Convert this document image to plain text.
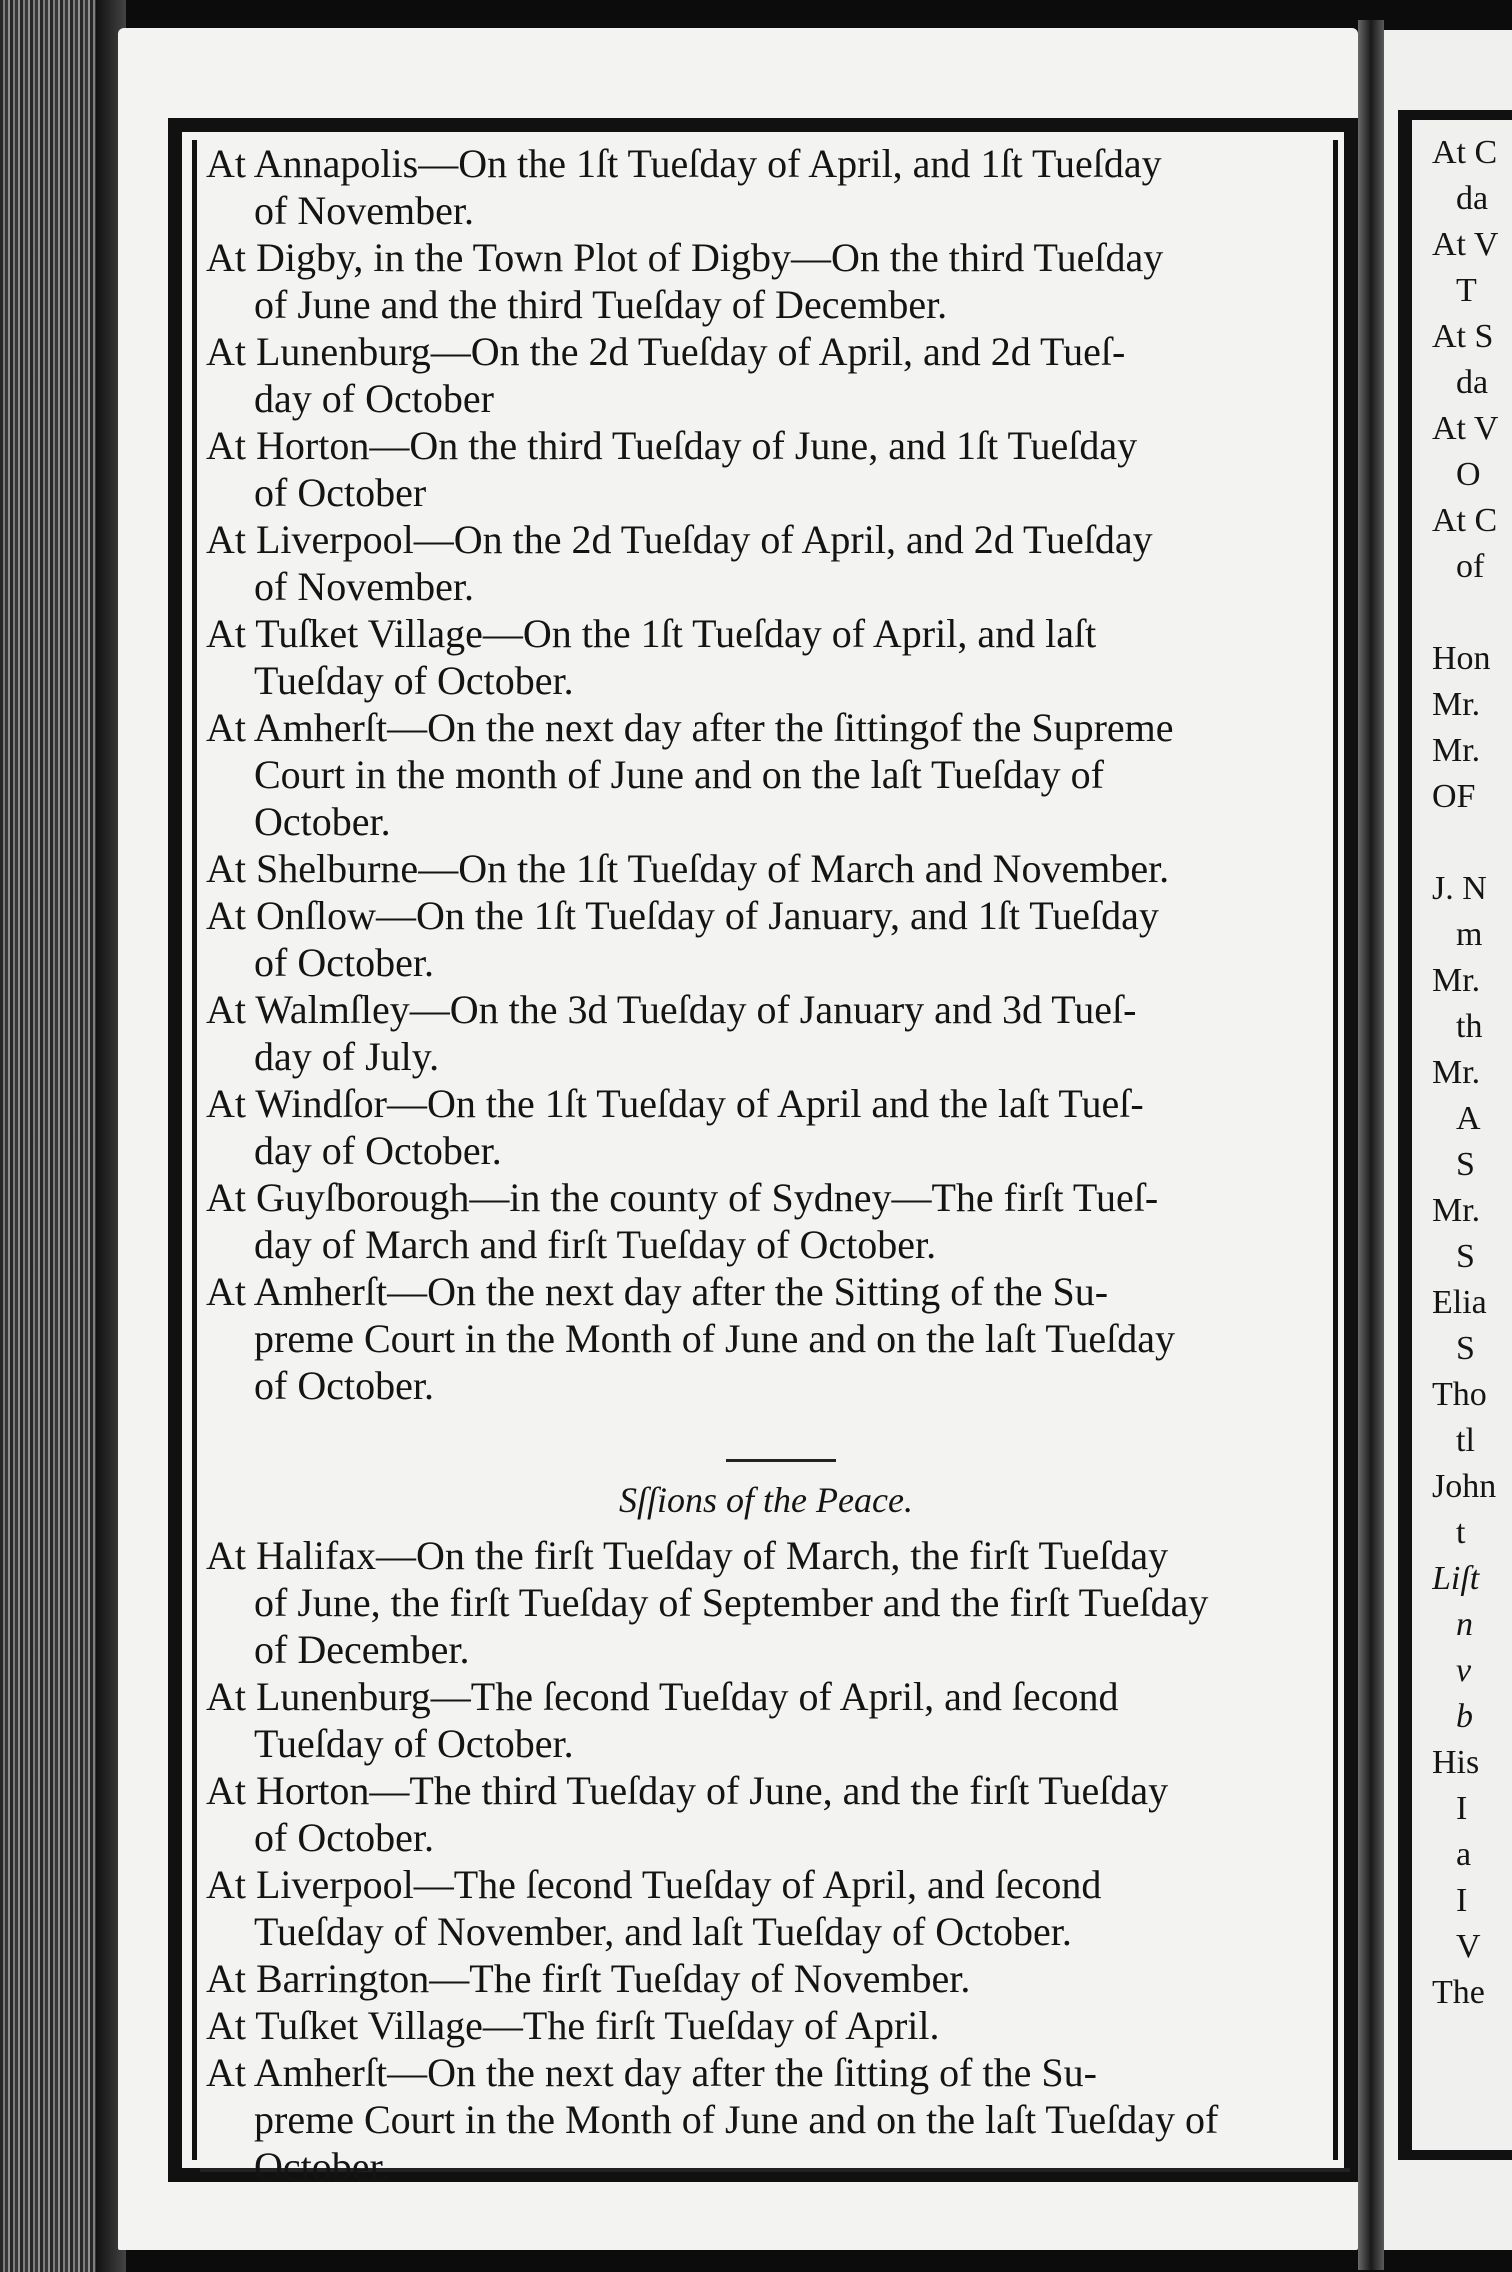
At C
da
At V
T
At S
da
At V
O
At C
of
Hon
Mr.
Mr.
OF
J. N
m
Mr.
th
Mr.
A
S
Mr.
S
Elia
S
Tho
tl
John
t
Liſt
n
v
b
His
I
a
I
V
The
At Annapolis—On the 1ſt Tueſday of April, and 1ſt Tueſday
of November.
At Digby, in the Town Plot of Digby—On the third Tueſday
of June and the third Tueſday of December.
At Lunenburg—On the 2d Tueſday of April, and 2d Tueſ-
day of October
At Horton—On the third Tueſday of June, and 1ſt Tueſday
of October
At Liverpool—On the 2d Tueſday of April, and 2d Tueſday
of November.
At Tuſket Village—On the 1ſt Tueſday of April, and laſt
Tueſday of October.
At Amherſt—On the next day after the ſittingof the Supreme
Court in the month of June and on the laſt Tueſday of
October.
At Shelburne—On the 1ſt Tueſday of March and November.
At Onſlow—On the 1ſt Tueſday of January, and 1ſt Tueſday
of October.
At Walmſley—On the 3d Tueſday of January and 3d Tueſ-
day of July.
At Windſor—On the 1ſt Tueſday of April and the laſt Tueſ-
day of October.
At Guyſborough—in the county of Sydney—The firſt Tueſ-
day of March and firſt Tueſday of October.
At Amherſt—On the next day after the Sitting of the Su-
preme Court in the Month of June and on the laſt Tueſday
of October.
Sſſions of the Peace.
At Halifax—On the firſt Tueſday of March, the firſt Tueſday
of June, the firſt Tueſday of September and the firſt Tueſday
of December.
At Lunenburg—The ſecond Tueſday of April, and ſecond
Tueſday of October.
At Horton—The third Tueſday of June, and the firſt Tueſday
of October.
At Liverpool—The ſecond Tueſday of April, and ſecond
Tueſday of November, and laſt Tueſday of October.
At Barrington—The firſt Tueſday of November.
At Tuſket Village—The firſt Tueſday of April.
At Amherſt—On the next day after the ſitting of the Su-
preme Court in the Month of June and on the laſt Tueſday of
October.
